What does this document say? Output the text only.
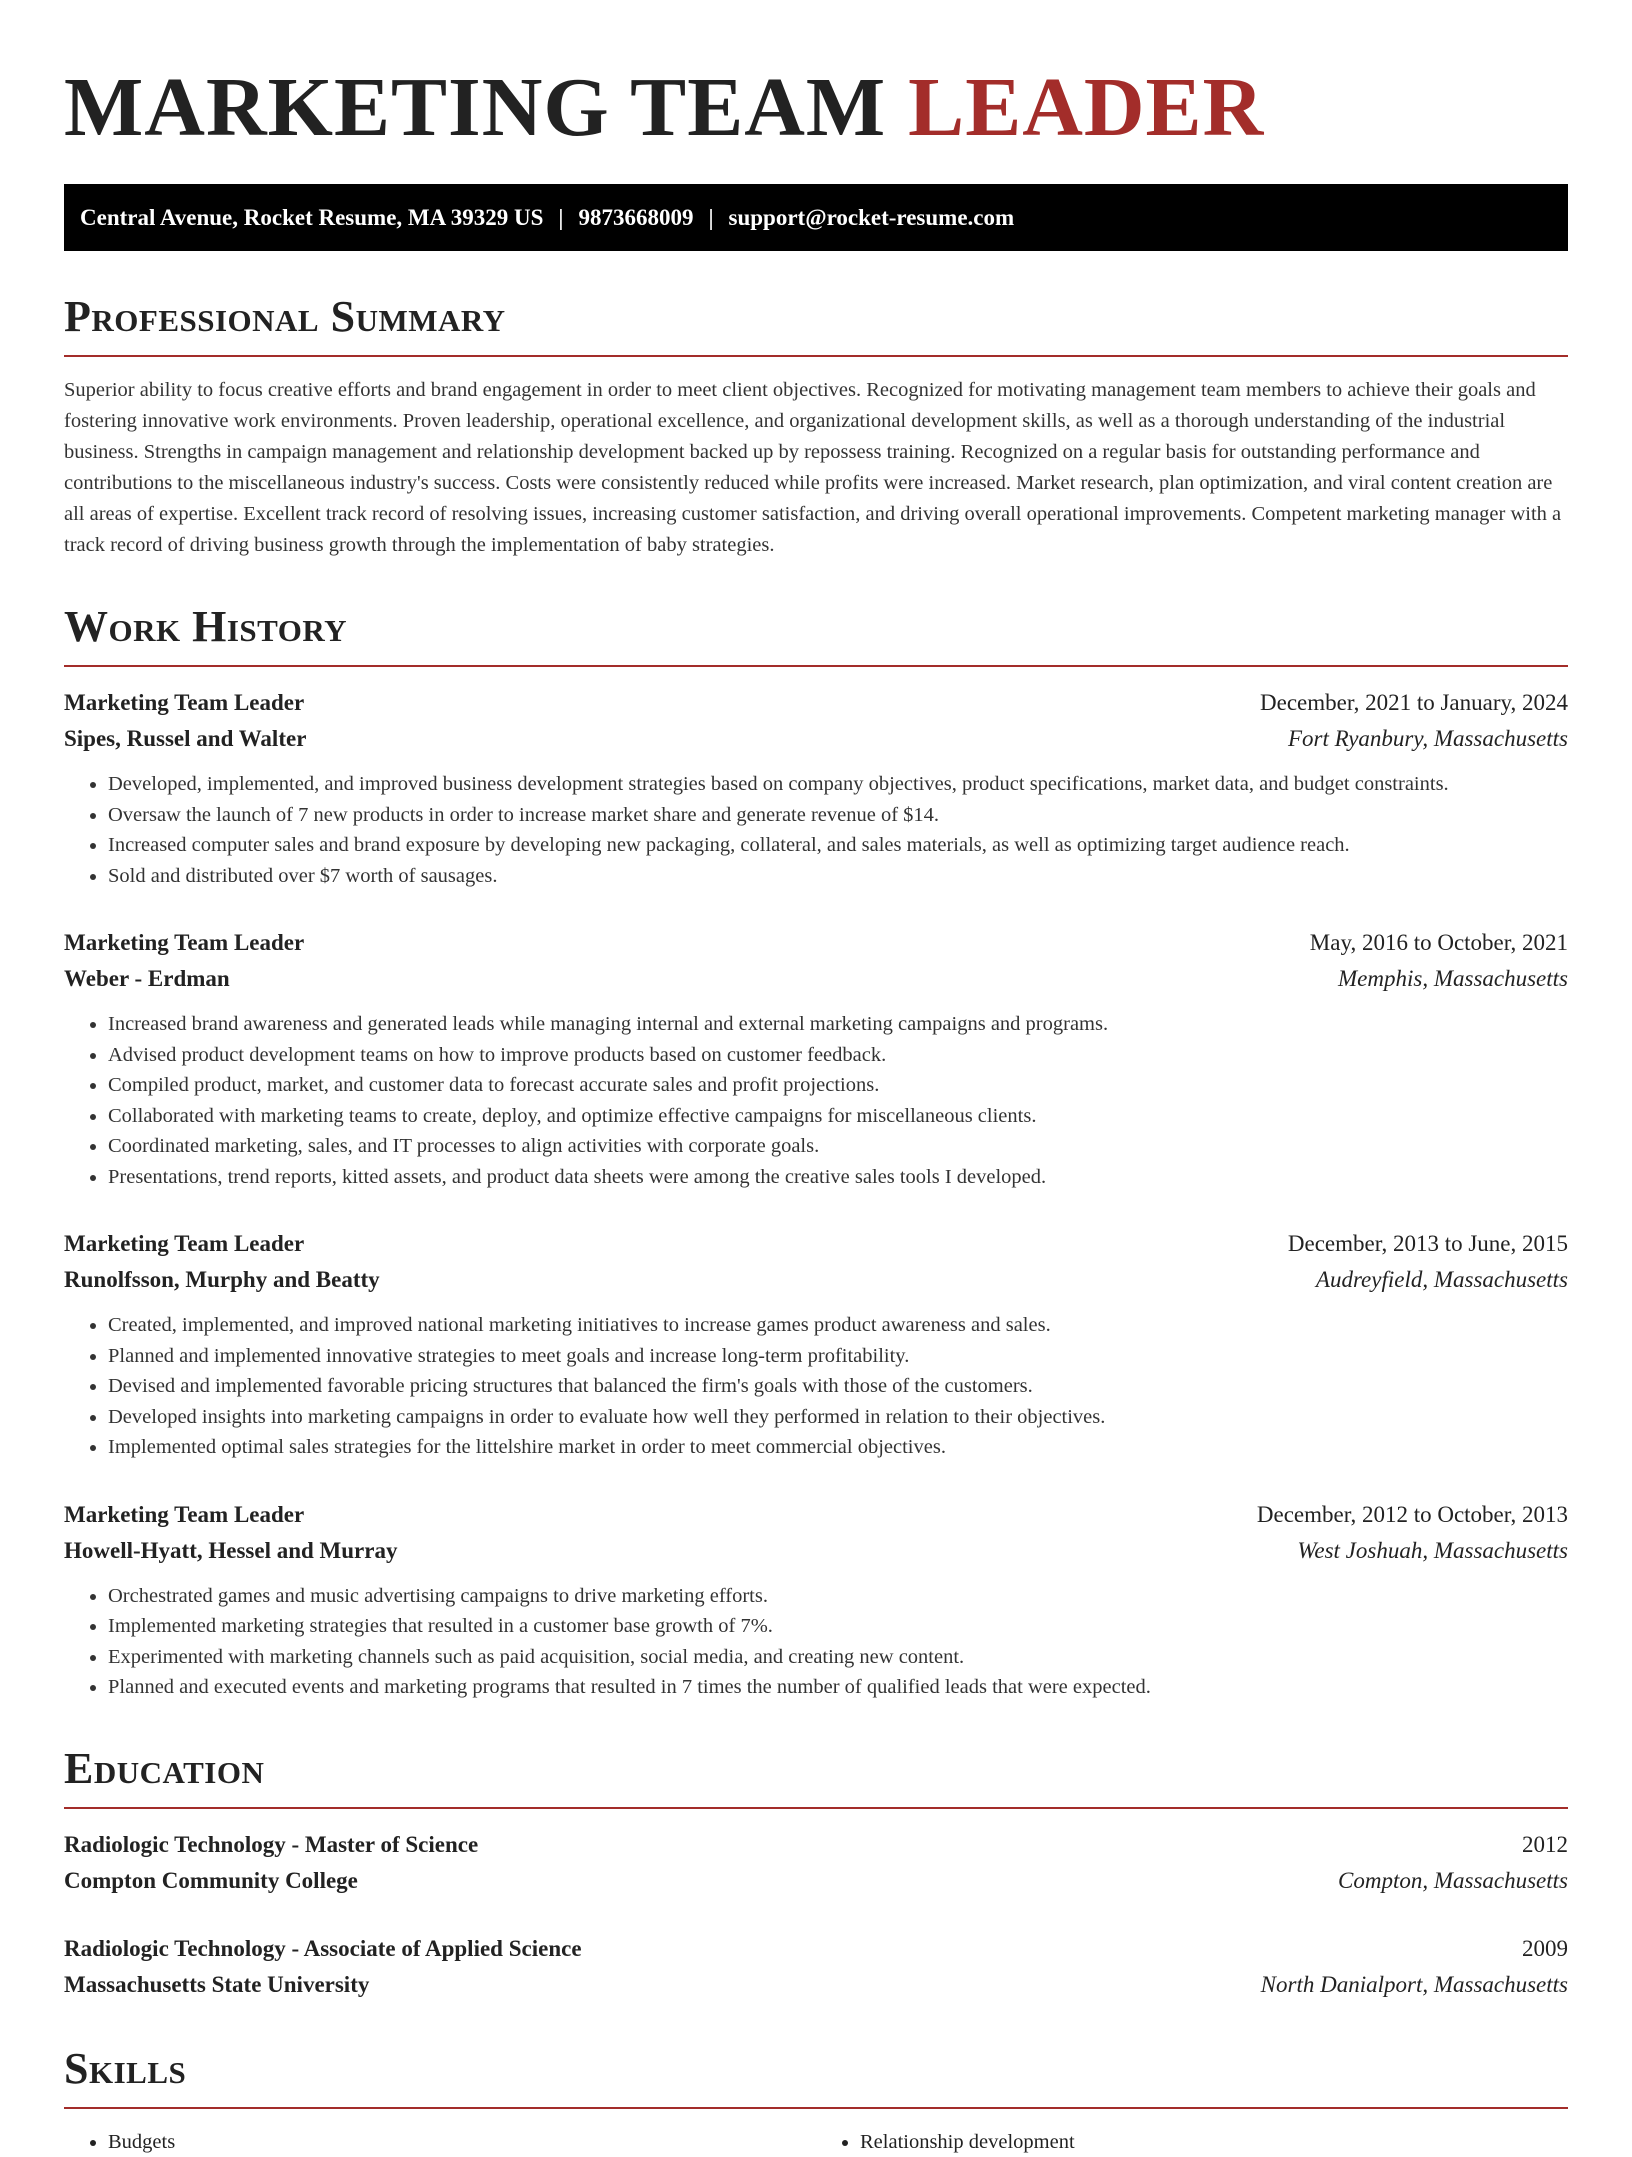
MARKETING TEAM LEADER
Central Avenue, Rocket Resume, MA 39329 US | 9873668009 | support@rocket-resume.com
Professional Summary

Superior ability to focus creative efforts and brand engagement in order to meet client objectives. Recognized for motivating management team members to achieve their goals and fostering innovative work environments. Proven leadership, operational excellence, and organizational development skills, as well as a thorough understanding of the industrial business. Strengths in campaign management and relationship development backed up by repossess training. Recognized on a regular basis for outstanding performance and contributions to the miscellaneous industry's success. Costs were consistently reduced while profits were increased. Market research, plan optimization, and viral content creation are all areas of expertise. Excellent track record of resolving issues, increasing customer satisfaction, and driving overall operational improvements. Competent marketing manager with a track record of driving business growth through the implementation of baby strategies.

Work History
Marketing Team Leader	December, 2021 to January, 2024
Sipes, Russel and Walter	Fort Ryanbury, Massachusetts
• Developed, implemented, and improved business development strategies based on company objectives, product specifications, market data, and budget constraints.
• Oversaw the launch of 7 new products in order to increase market share and generate revenue of $14.
• Increased computer sales and brand exposure by developing new packaging, collateral, and sales materials, as well as optimizing target audience reach.
• Sold and distributed over $7 worth of sausages.
Marketing Team Leader	May, 2016 to October, 2021
Weber - Erdman	Memphis, Massachusetts
• Increased brand awareness and generated leads while managing internal and external marketing campaigns and programs.
• Advised product development teams on how to improve products based on customer feedback.
• Compiled product, market, and customer data to forecast accurate sales and profit projections.
• Collaborated with marketing teams to create, deploy, and optimize effective campaigns for miscellaneous clients.
• Coordinated marketing, sales, and IT processes to align activities with corporate goals.
• Presentations, trend reports, kitted assets, and product data sheets were among the creative sales tools I developed.
Marketing Team Leader	December, 2013 to June, 2015
Runolfsson, Murphy and Beatty	Audreyfield, Massachusetts
• Created, implemented, and improved national marketing initiatives to increase games product awareness and sales.
• Planned and implemented innovative strategies to meet goals and increase long-term profitability.
• Devised and implemented favorable pricing structures that balanced the firm's goals with those of the customers.
• Developed insights into marketing campaigns in order to evaluate how well they performed in relation to their objectives.
• Implemented optimal sales strategies for the littelshire market in order to meet commercial objectives.
Marketing Team Leader	December, 2012 to October, 2013
Howell-Hyatt, Hessel and Murray	West Joshuah, Massachusetts
• Orchestrated games and music advertising campaigns to drive marketing efforts.
• Implemented marketing strategies that resulted in a customer base growth of 7%.
• Experimented with marketing channels such as paid acquisition, social media, and creating new content.
• Planned and executed events and marketing programs that resulted in 7 times the number of qualified leads that were expected.
Education
Radiologic Technology - Master of Science	2012
Compton Community College	Compton, Massachusetts
Radiologic Technology - Associate of Applied Science	2009
Massachusetts State University	North Danialport, Massachusetts
Skills
• Budgets
•	Relationship development
